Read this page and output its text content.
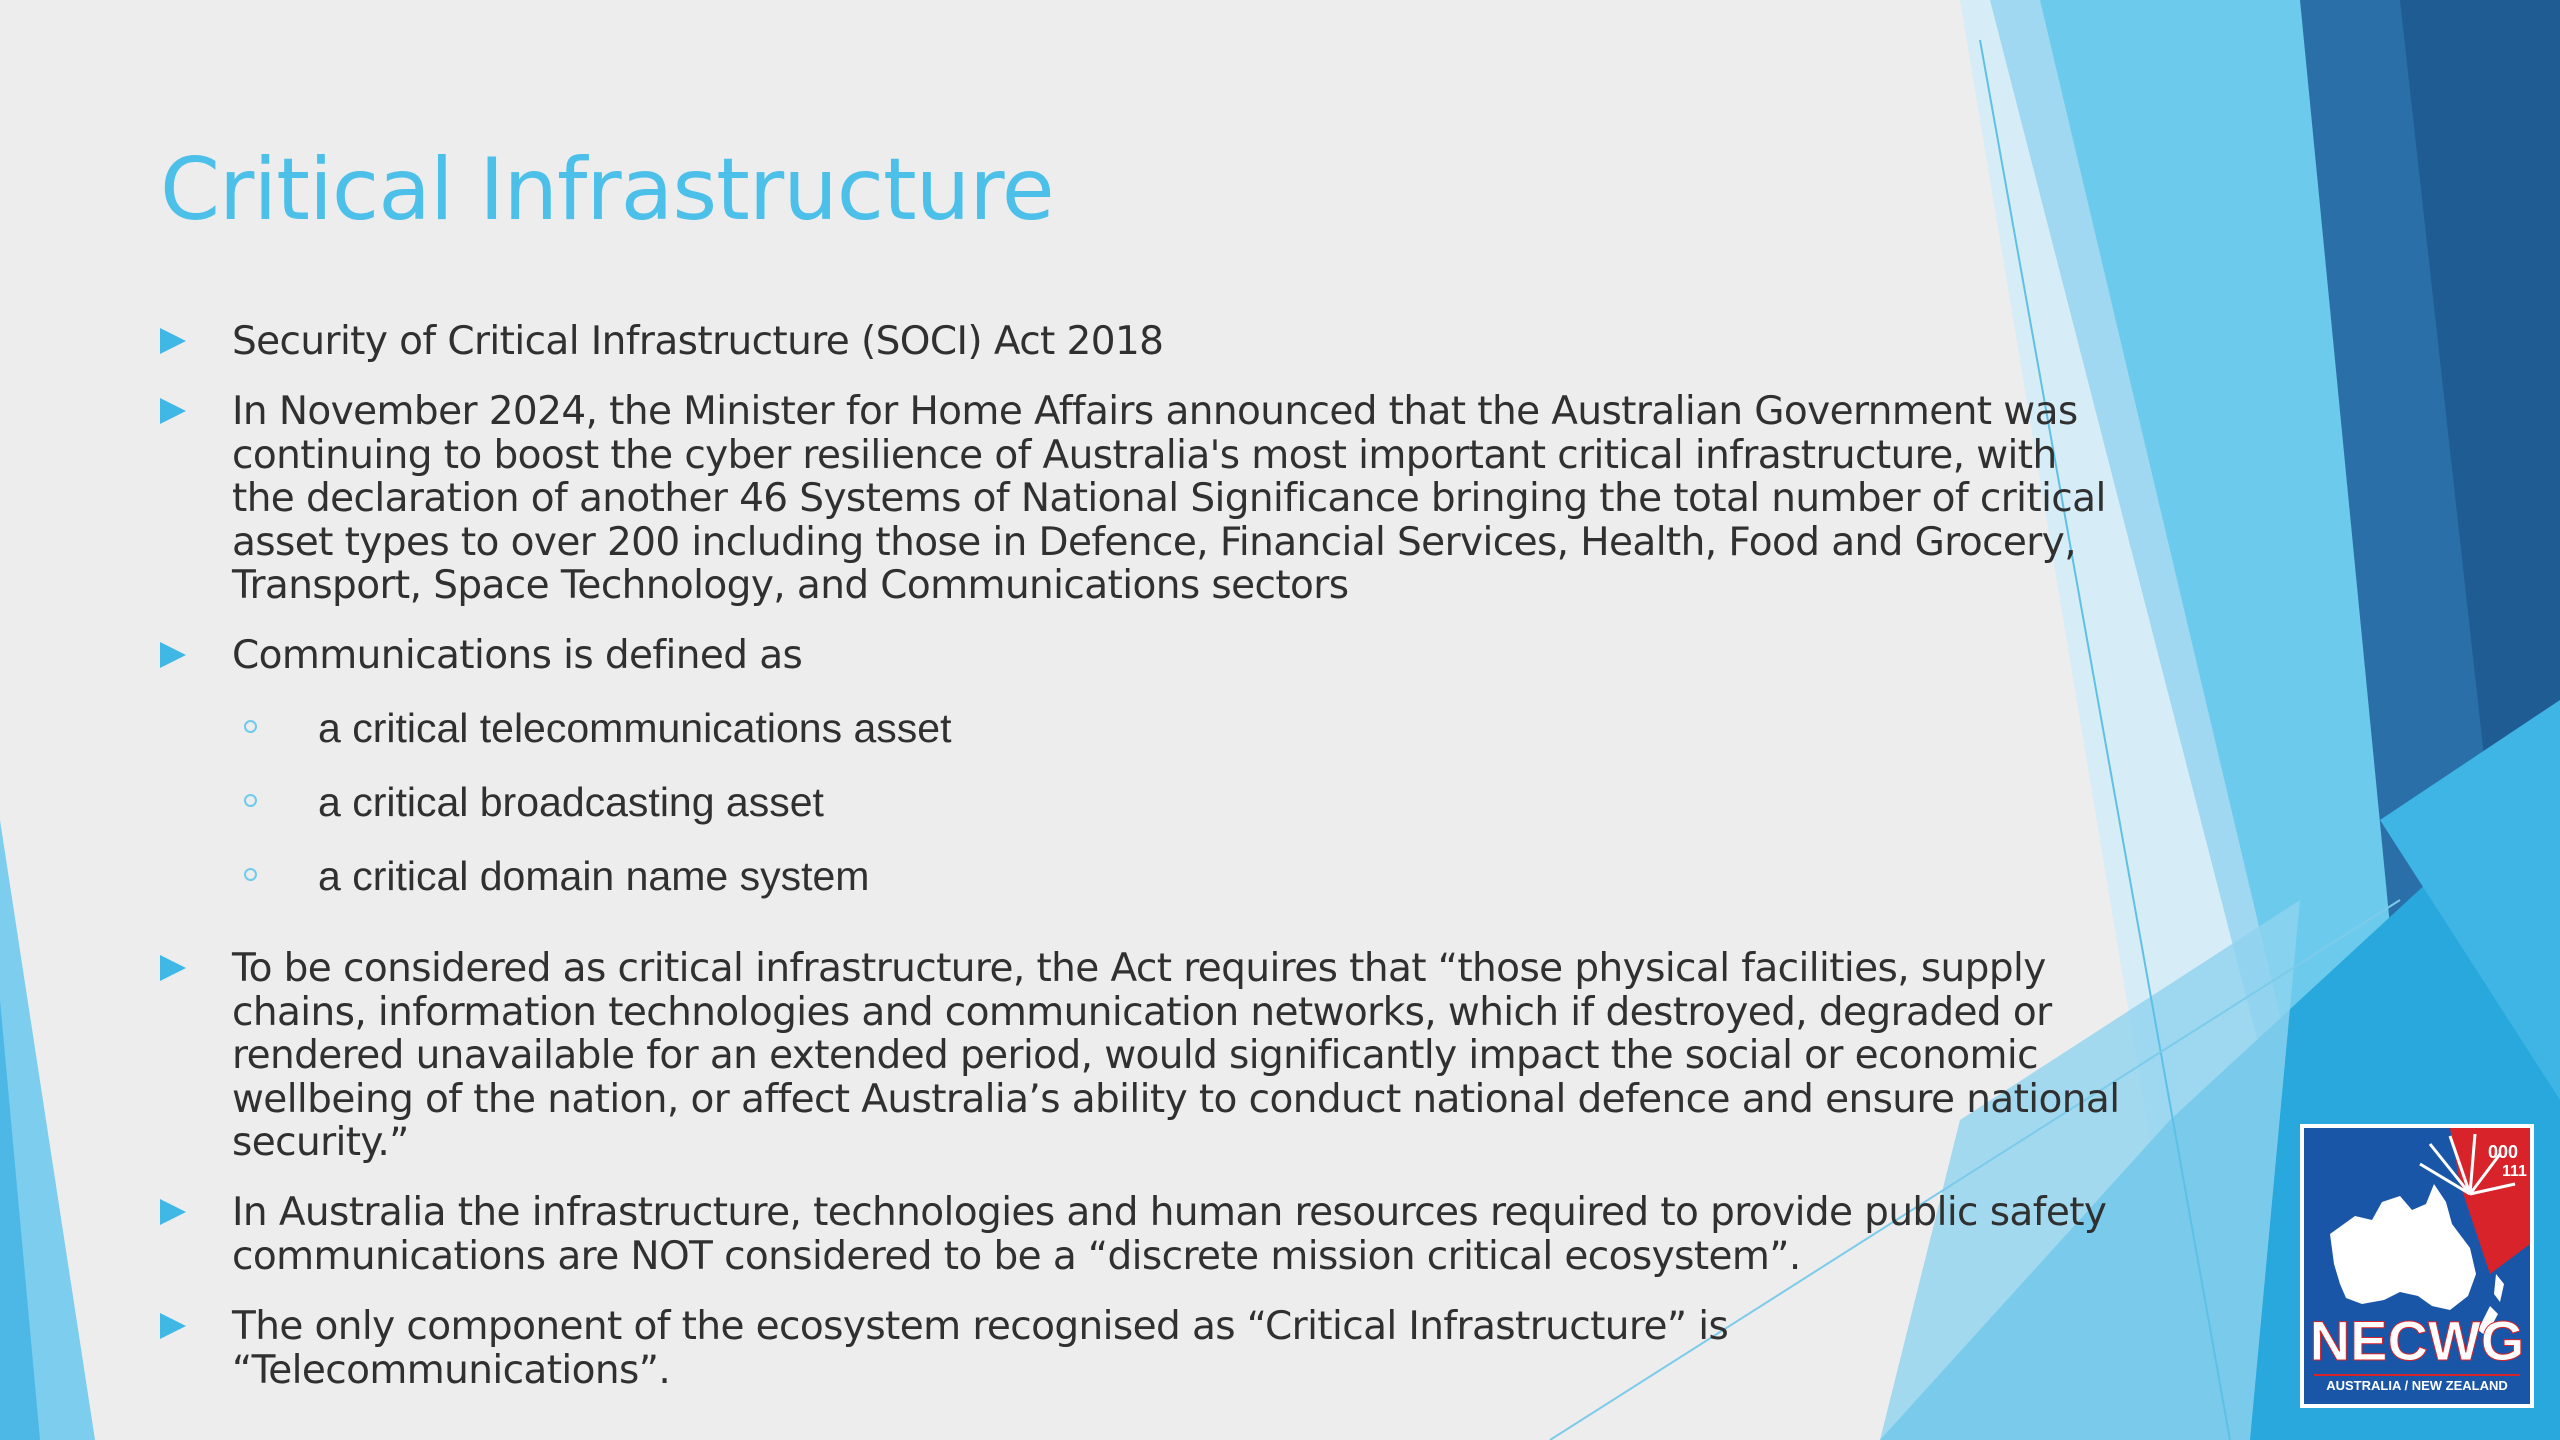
Critical Infrastructure
Security of Critical Infrastructure (SOCI) Act 2018
In November 2024, the Minister for Home Affairs announced that the Australian Government was continuing to boost the cyber resilience of Australia's most important critical infrastructure, with the declaration of another 46 Systems of National Significance bringing the total number of critical asset types to over 200 including those in Defence, Financial Services, Health, Food and Grocery, Transport, Space Technology, and Communications sectors
Communications is defined as
a critical telecommunications asset
a critical broadcasting asset
a critical domain name system
To be considered as critical infrastructure, the Act requires that “those physical facilities, supply chains, information technologies and communication networks, which if destroyed, degraded or rendered unavailable for an extended period, would significantly impact the social or economic wellbeing of the nation, or affect Australia’s ability to conduct national defence and ensure national security.”
In Australia the infrastructure, technologies and human resources required to provide public safety communications are NOT considered to be a “discrete mission critical ecosystem”.
The only component of the ecosystem recognised as “Critical Infrastructure” is “Telecommunications”.
000
111
NECWG
AUSTRALIA / NEW ZEALAND
